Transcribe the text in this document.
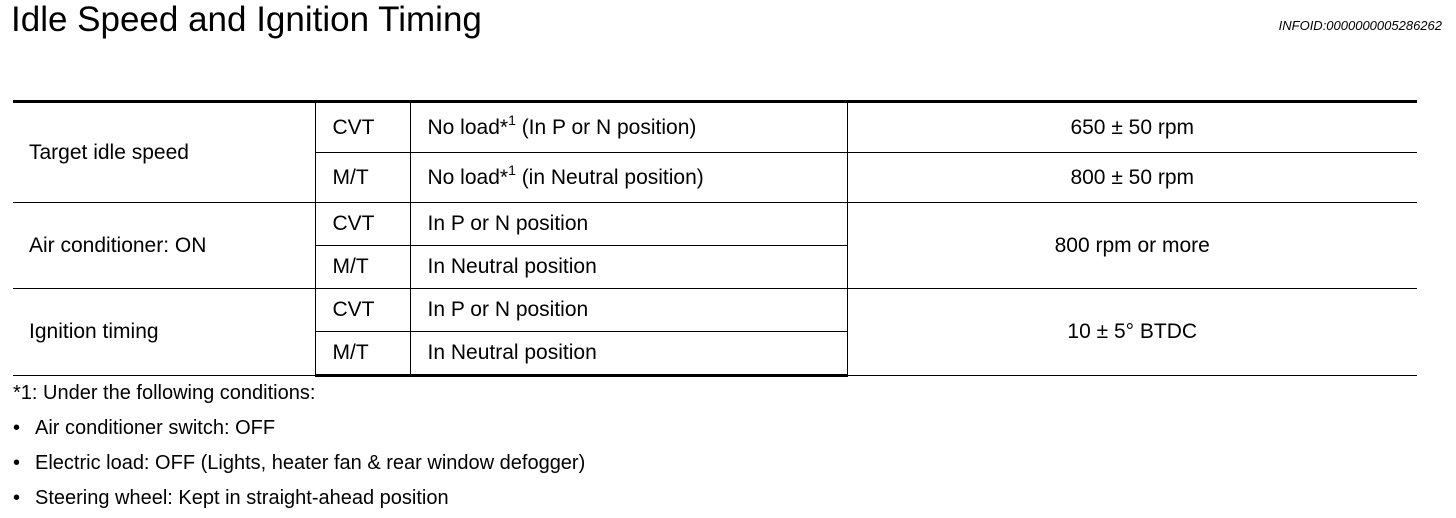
Idle Speed and Ignition Timing	INFOID:0000000005286262
Target idle speed	CVT	No load*$^1$ (In P or N position)	650 ± 50 rpm
	M/T	No load*$^1$ (in Neutral position)	800 ± 50 rpm
Air conditioner: ON	CVT	In P or N position	800 rpm or more
	M/T	In Neutral position	
Ignition timing	CVT	In P or N position	10 ± 5° BTDC
	M/T	In Neutral position	
*1: Under the following conditions:
• Air conditioner switch: OFF
• Electric load: OFF (Lights, heater fan & rear window defogger)
• Steering wheel: Kept in straight-ahead position
